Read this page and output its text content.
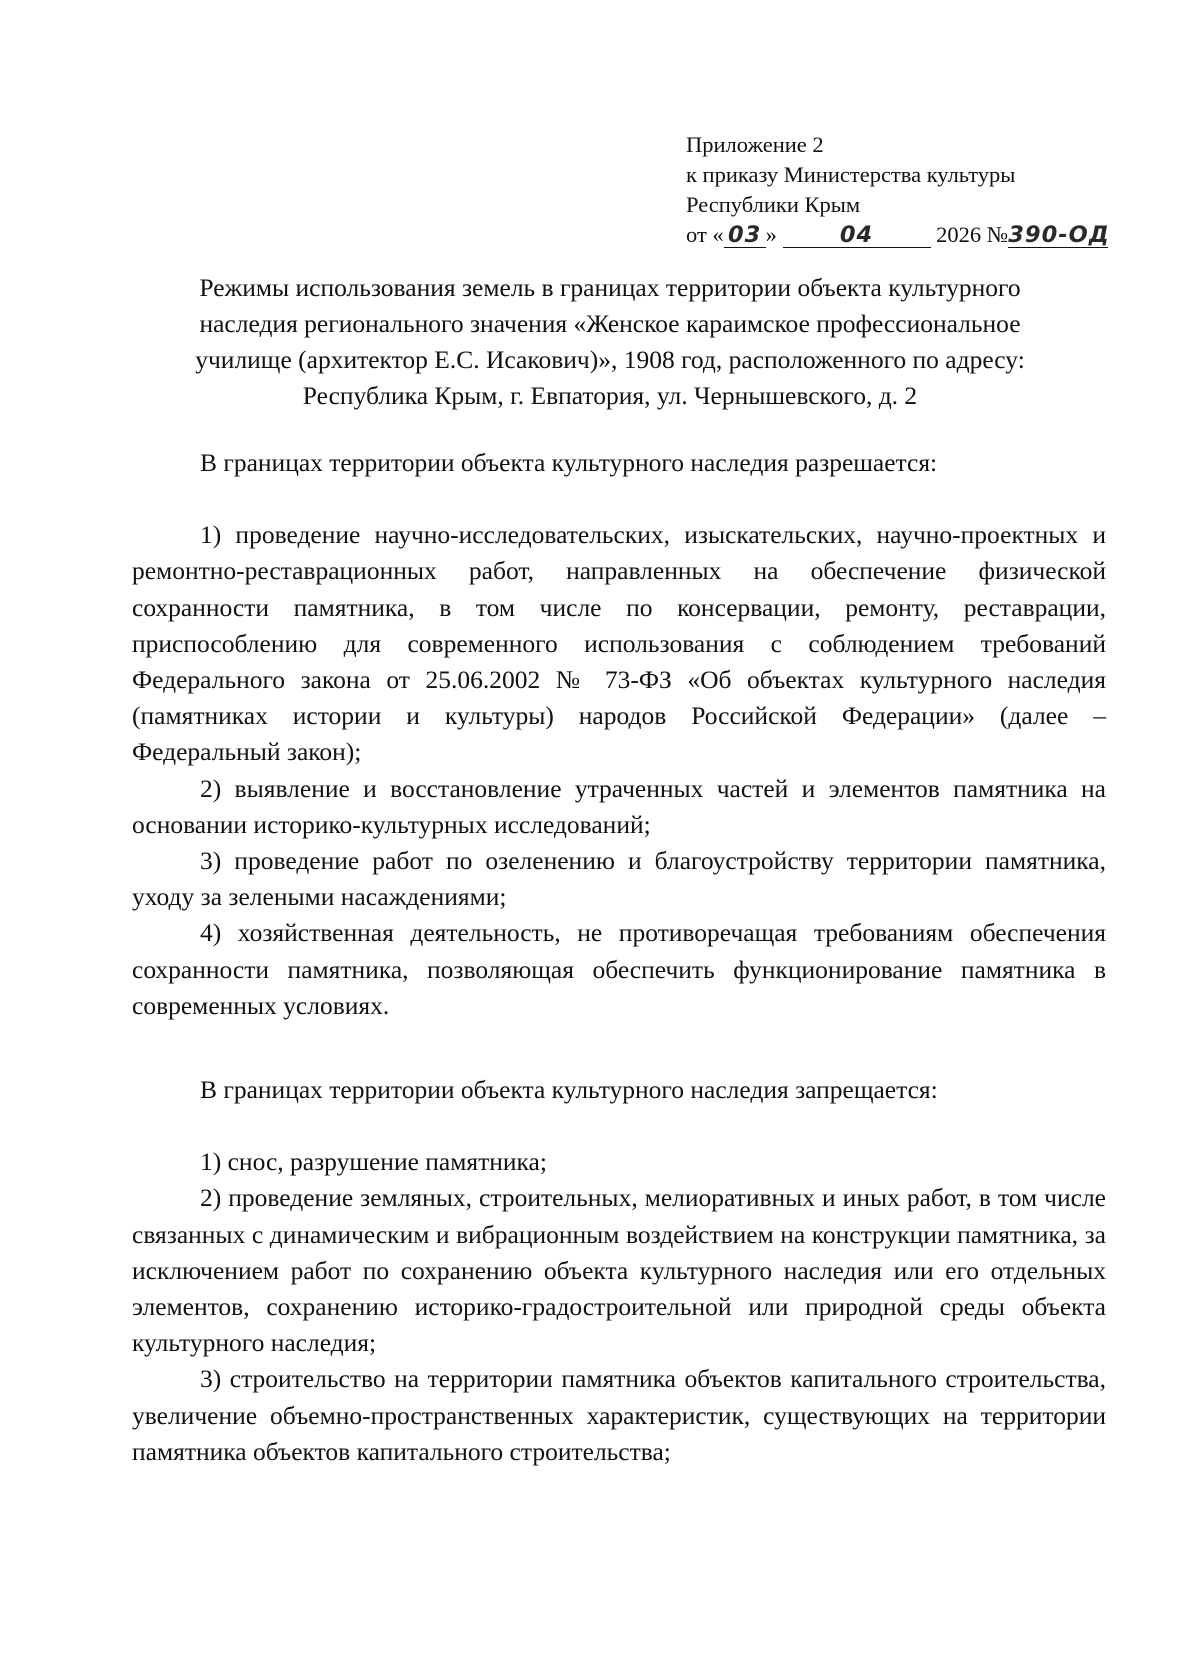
Приложение 2
к приказу Министерства культуры
Республики Крым
от « 03 »	04	2026 №390-ОД
Режимы использования земель в границах территории объекта культурного
наследия регионального значения «Женское караимское профессиональное
училище (архитектор Е.С. Исакович)», 1908 год, расположенного по адресу:
Республика Крым, г. Евпатория, ул. Чернышевского, д. 2

В границах территории объекта культурного наследия разрешается:

1) проведение научно-исследовательских, изыскательских, научно-проектных и ремонтно-реставрационных работ, направленных на обеспечение физической сохранности памятника, в том числе по консервации, ремонту, реставрации, приспособлению для современного использования с соблюдением требований Федерального закона от 25.06.2002 № 73-ФЗ «Об объектах культурного наследия (памятниках истории и культуры) народов Российской Федерации» (далее – Федеральный закон);

2) выявление и восстановление утраченных частей и элементов памятника на основании историко-культурных исследований;

3) проведение работ по озеленению и благоустройству территории памятника, уходу за зелеными насаждениями;

4) хозяйственная деятельность, не противоречащая требованиям обеспечения сохранности памятника, позволяющая обеспечить функционирование памятника в современных условиях.

В границах территории объекта культурного наследия запрещается:

1) снос, разрушение памятника;

2) проведение земляных, строительных, мелиоративных и иных работ, в том числе связанных с динамическим и вибрационным воздействием на конструкции памятника, за исключением работ по сохранению объекта культурного наследия или его отдельных элементов, сохранению историко-градостроительной или природной среды объекта культурного наследия;

3) строительство на территории памятника объектов капитального строительства, увеличение объемно-пространственных характеристик, существующих на территории памятника объектов капитального строительства;
